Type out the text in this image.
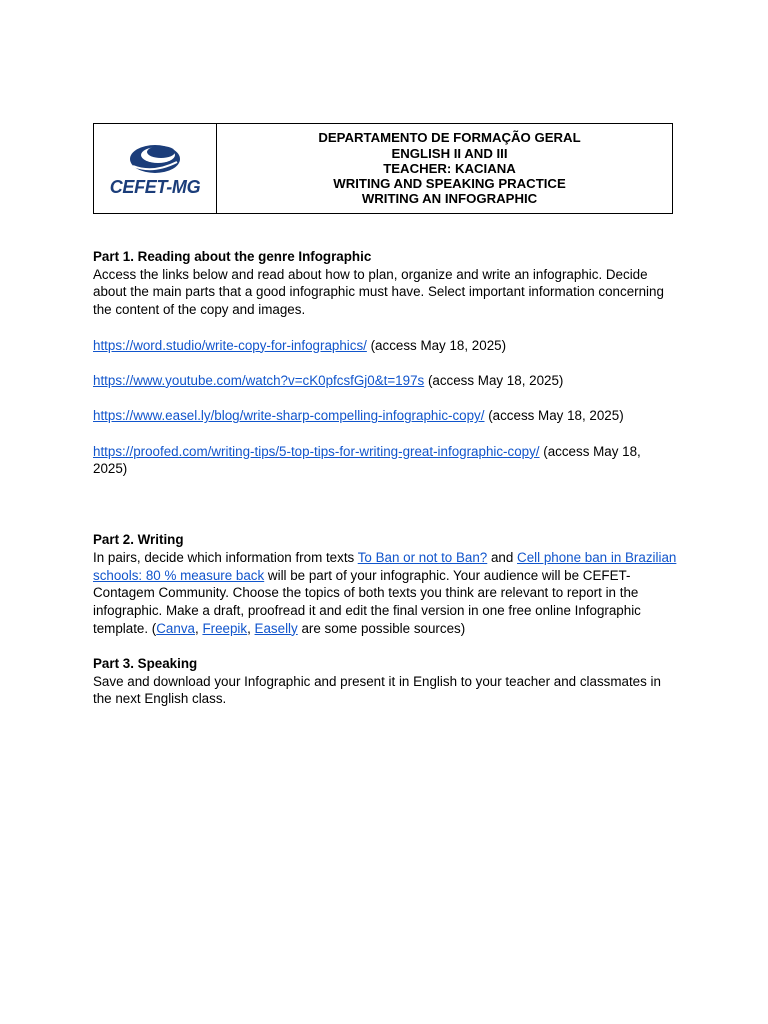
CEFET-MG
DEPARTAMENTO DE FORMAÇÃO GERAL
ENGLISH II AND III
TEACHER: KACIANA
WRITING AND SPEAKING PRACTICE
WRITING AN INFOGRAPHIC

Part 1. Reading about the genre Infographic

Access the links below and read about how to plan, organize and write an infographic. Decide about the main parts that a good infographic must have. Select important information concerning the content of the copy and images.

https://word.studio/write-copy-for-infographics/ (access May 18, 2025)

https://www.youtube.com/watch?v=cK0pfcsfGj0&t=197s (access May 18, 2025)

https://www.easel.ly/blog/write-sharp-compelling-infographic-copy/ (access May 18, 2025)

https://proofed.com/writing-tips/5-top-tips-for-writing-great-infographic-copy/ (access May 18, 2025)

Part 2. Writing

In pairs, decide which information from texts To Ban or not to Ban? and Cell phone ban in Brazilian schools: 80 % measure back will be part of your infographic. Your audience will be CEFET-Contagem Community. Choose the topics of both texts you think are relevant to report in the infographic. Make a draft, proofread it and edit the final version in one free online Infographic template. (Canva, Freepik, Easelly are some possible sources)

Part 3. Speaking

Save and download your Infographic and present it in English to your teacher and classmates in the next English class.
